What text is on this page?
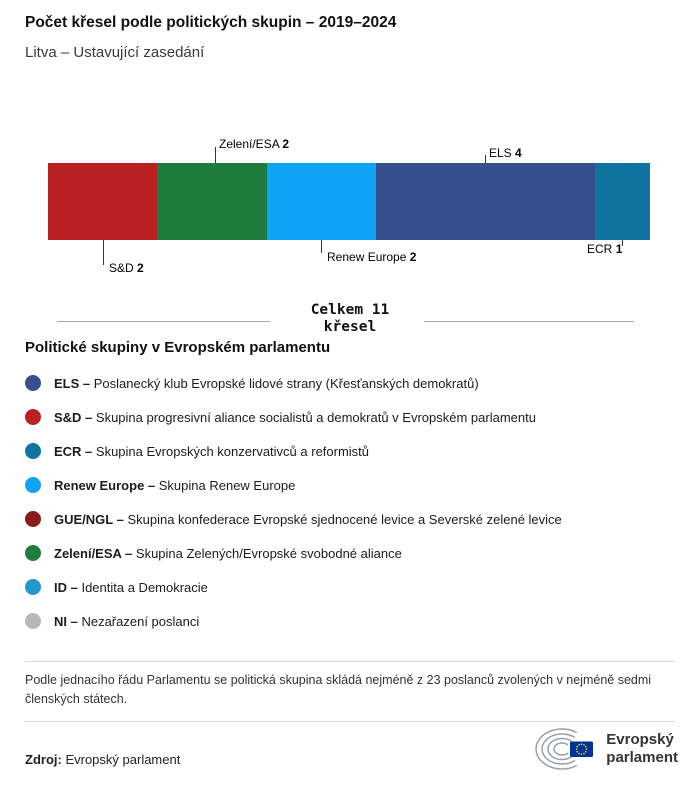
Počet křesel podle politických skupin – 2019–2024
Litva – Ustavující zasedání
Zelení/ESA 2
ELS 4
S&D 2
Renew Europe 2
ECR 1
Celkem 11
křesel
Politické skupiny v Evropském parlamentu
ELS – Poslanecký klub Evropské lidové strany (Křesťanských demokratů)
S&D – Skupina progresivní aliance socialistů a demokratů v Evropském parlamentu
ECR – Skupina Evropských konzervativců a reformistů
Renew Europe – Skupina Renew Europe
GUE/NGL – Skupina konfederace Evropské sjednocené levice a Severské zelené levice
Zelení/ESA – Skupina Zelených/Evropské svobodné aliance
ID – Identita a Demokracie
NI – Nezařazení poslanci
Podle jednacího řádu Parlamentu se politická skupina skládá nejméně z 23 poslanců zvolených v nejméně sedmi členských státech.
Zdroj: Evropský parlament
Evropský
parlament
